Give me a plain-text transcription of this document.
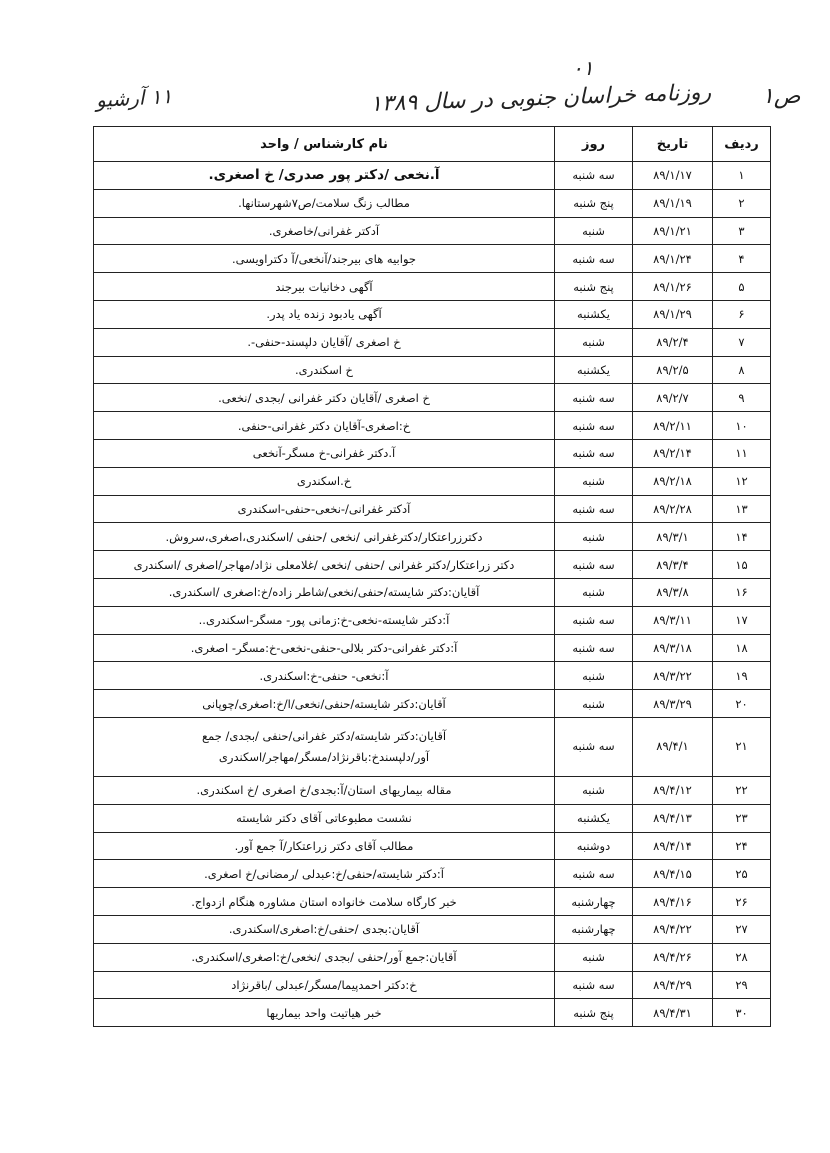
ص۱
۰۱
روزنامه خراسان جنوبی در سال ۱۳۸۹
۱۱ آرشیو
ردیف	تاریخ	روز	نام کارشناس / واحد
۱	۸۹/۱/۱۷	سه شنبه	آ.نخعی /دکتر پور صدری/ خ اصغری.

۲	۸۹/۱/۱۹	پنج شنبه	مطالب زنگ سلامت/ص۷شهرستانها.

۳	۸۹/۱/۲۱	شنبه	آدکتر غفرانی/خاصغری.

۴	۸۹/۱/۲۴	سه شنبه	جوابیه های بیرجند/آنخعی/آ دکتراویسی.

۵	۸۹/۱/۲۶	پنج شنبه	آگهی دخانیات بیرجند

۶	۸۹/۱/۲۹	یکشنبه	آگهی یادبود زنده یاد پدر.

۷	۸۹/۲/۴	شنبه	خ اصغری /آقایان دلپسند-حنفی-.

۸	۸۹/۲/۵	یکشنبه	خ اسکندری.

۹	۸۹/۲/۷	سه شنبه	خ اصغری /آقایان دکتر غفرانی /بجدی /نخعی.

۱۰	۸۹/۲/۱۱	سه شنبه	خ:اصغری-آقایان دکتر غفرانی-حنفی.

۱۱	۸۹/۲/۱۴	سه شنبه	آ.دکتر غفرانی-خ مسگر-آنخعی

۱۲	۸۹/۲/۱۸	شنبه	خ.اسکندری

۱۳	۸۹/۲/۲۸	سه شنبه	آدکتر غفرانی/-نخعی-حنفی-اسکندری

۱۴	۸۹/۳/۱	شنبه	دکترزراعتکار/دکترغفرانی /نخعی /حنفی /اسکندری،اصغری،سروش.

۱۵	۸۹/۳/۴	سه شنبه	دکتر زراعتکار/دکتر غفرانی /حنفی /نخعی /غلامعلی نژاد/مهاجر/اصغری /اسکندری

۱۶	۸۹/۳/۸	شنبه	آقایان:دکتر شایسته/حنفی/نخعی/شاطر زاده/خ:اصغری /اسکندری.

۱۷	۸۹/۳/۱۱	سه شنبه	آ:دکتر شایسته-نخعی-خ:زمانی پور- مسگر-اسکندری..

۱۸	۸۹/۳/۱۸	سه شنبه	آ:دکتر غفرانی-دکتر بلالی-حنفی-نخعی-خ:مسگر- اصغری.

۱۹	۸۹/۳/۲۲	شنبه	آ:نخعی- حنفی-خ:اسکندری.

۲۰	۸۹/۳/۲۹	شنبه	آقایان:دکتر شایسته/حنفی/نخعی/ا/خ:اصغری/چوپانی

۲۱	۸۹/۴/۱	سه شنبه	آقایان:دکتر شایسته/دکتر غفرانی/حنفی /بجدی/ جمع
آور/دلپسندخ:باقرنژاد/مسگر/مهاجر/اسکندری

۲۲	۸۹/۴/۱۲	شنبه	مقاله بیماریهای استان/آ:بجدی/خ اصغری /خ اسکندری.

۲۳	۸۹/۴/۱۳	یکشنبه	نشست مطبوعاتی آقای دکتر شایسته

۲۴	۸۹/۴/۱۴	دوشنبه	مطالب آقای دکتر زراعتکار/آ جمع آور.

۲۵	۸۹/۴/۱۵	سه شنبه	آ:دکتر شایسته/حنفی/خ:عبدلی /رمضانی/خ اصغری.

۲۶	۸۹/۴/۱۶	چهارشنبه	خبر کارگاه سلامت خانواده استان مشاوره هنگام ازدواج.

۲۷	۸۹/۴/۲۲	چهارشنبه	آقایان:بجدی /حنفی/خ:اصغری/اسکندری.

۲۸	۸۹/۴/۲۶	شنبه	آقایان:جمع آور/حنفی /بجدی /نخعی/خ:اصغری/اسکندری.

۲۹	۸۹/۴/۲۹	سه شنبه	خ:دکتر احمدپیما/مسگر/عبدلی /باقرنژاد

۳۰	۸۹/۴/۳۱	پنج شنبه	خبر هیاتیت واحد بیماریها
